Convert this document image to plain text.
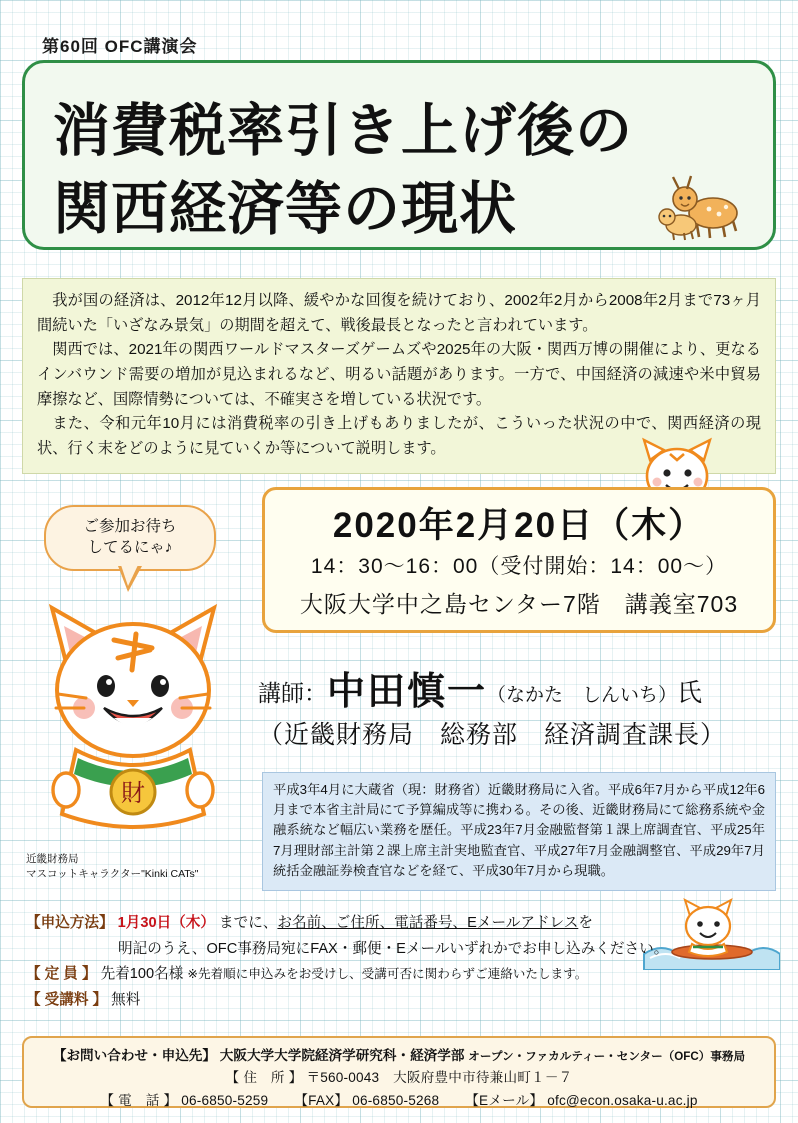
第60回 OFC講演会
消費税率引き上げ後の
関西経済等の現状

我が国の経済は、2012年12月以降、緩やかな回復を続けており、2002年2月から2008年2月まで73ヶ月間続いた「いざなみ景気」の期間を超えて、戦後最長となったと言われています。

関西では、2021年の関西ワールドマスターズゲームズや2025年の大阪・関西万博の開催により、更なるインバウンド需要の増加が見込まれるなど、明るい話題があります。一方で、中国経済の減速や米中貿易摩擦など、国際情勢については、不確実さを増している状況です。

また、令和元年10月には消費税率の引き上げもありましたが、こういった状況の中で、関西経済の現状、行く末をどのように見ていくか等について説明します。

2020年2月20日（木）
14：30〜16：00（受付開始：14：00〜）
大阪大学中之島センター7階　講義室703
ご参加お待ち
してるにゃ♪
財
近畿財務局
マスコットキャラクター"Kinki CATs"
講師：中田慎一（なかた　しんいち）氏
（近畿財務局　総務部　経済調査課長）
平成3年4月に大蔵省（現：財務省）近畿財務局に入省。平成6年7月から平成12年6月まで本省主計局にて予算編成等に携わる。その後、近畿財務局にて総務系統や金融系統など幅広い業務を歴任。平成23年7月金融監督第１課上席調査官、平成25年7月理財部主計第２課上席主計実地監査官、平成27年7月金融調整官、平成29年7月統括金融証券検査官などを経て、平成30年7月から現職。
【申込方法】 1月30日（木） までに、お名前、ご住所、電話番号、Eメールアドレスを
明記のうえ、OFC事務局宛にFAX・郵便・Eメールいずれかでお申し込みください。
【 定 員 】 先着100名様 ※先着順に申込みをお受けし、受講可否に関わらずご連絡いたします。
【 受講料 】 無料
【お問い合わせ・申込先】 大阪大学大学院経済学研究科・経済学部 オープン・ファカルティー・センター（OFC）事務局
【 住　所 】 〒560-0043　大阪府豊中市待兼山町１－７
【 電　話 】 06-6850-5259 【FAX】 06-6850-5268 【Eメール】 ofc@econ.osaka-u.ac.jp
